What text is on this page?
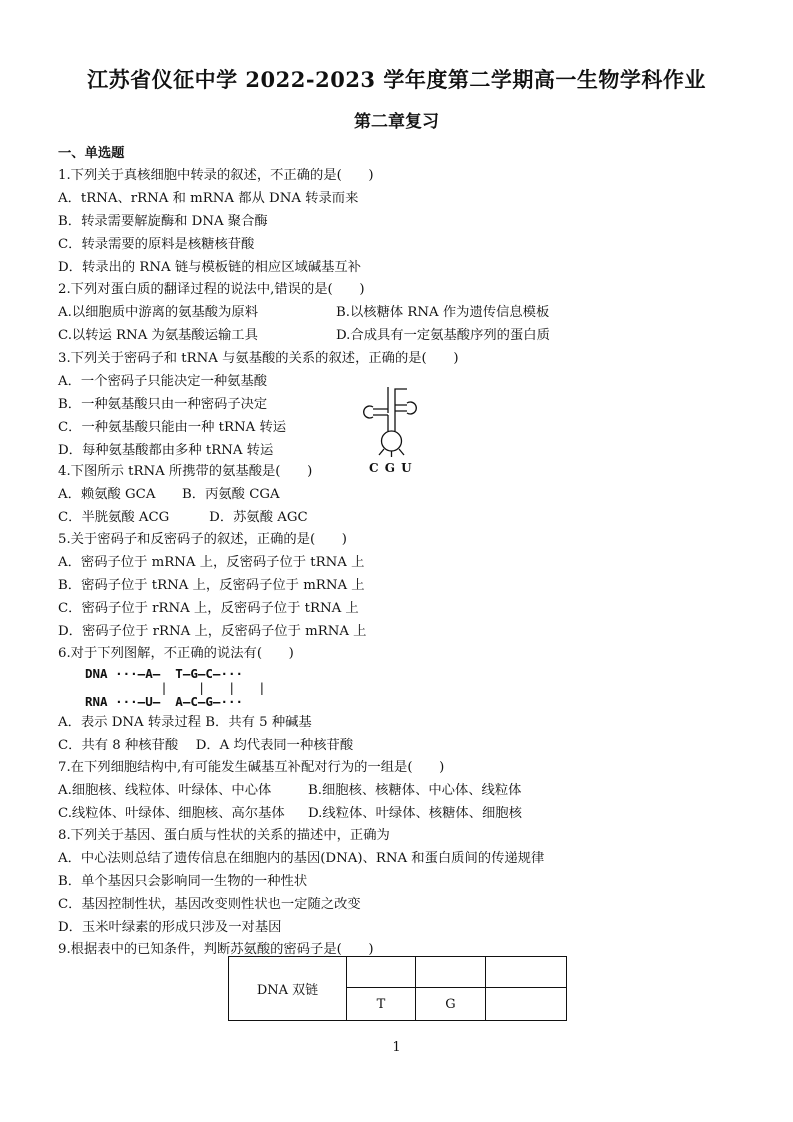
江苏省仪征中学 2022-2023 学年度第二学期高一生物学科作业
第二章复习
一、单选题
1.下列关于真核细胞中转录的叙述，不正确的是(　　)
A．tRNA、rRNA 和 mRNA 都从 DNA 转录而来
B．转录需要解旋酶和 DNA 聚合酶
C．转录需要的原料是核糖核苷酸
D．转录出的 RNA 链与模板链的相应区域碱基互补
2.下列对蛋白质的翻译过程的说法中,错误的是(　　)
A.以细胞质中游离的氨基酸为原料	B.以核糖体 RNA 作为遗传信息模板
C.以转运 RNA 为氨基酸运输工具	D.合成具有一定氨基酸序列的蛋白质
3.下列关于密码子和 tRNA 与氨基酸的关系的叙述，正确的是(　　)
A．一个密码子只能决定一种氨基酸
B．一种氨基酸只由一种密码子决定
C．一种氨基酸只能由一种 tRNA 转运
D．每种氨基酸都由多种 tRNA 转运
C G U
4.下图所示 tRNA 所携带的氨基酸是(　　)
A．赖氨酸 GCA　　B．丙氨酸 CGA
C．半胱氨酸 ACG　　　D．苏氨酸 AGC
5.关于密码子和反密码子的叙述，正确的是(　　)
A．密码子位于 mRNA 上，反密码子位于 tRNA 上
B．密码子位于 tRNA 上，反密码子位于 mRNA 上
C．密码子位于 rRNA 上，反密码子位于 tRNA 上
D．密码子位于 rRNA 上，反密码子位于 mRNA 上
6.对于下列图解，不正确的说法有(　　)
DNA ···—A—  T—G—C—···
|    |   |   |
RNA ···—U—  A—C—G—···
A．表示 DNA 转录过程 B．共有 5 种碱基
C．共有 8 种核苷酸　 D．A 均代表同一种核苷酸
7.在下列细胞结构中,有可能发生碱基互补配对行为的一组是(　　)
A.细胞核、线粒体、叶绿体、中心体	B.细胞核、核糖体、中心体、线粒体
C.线粒体、叶绿体、细胞核、高尔基体 D.线粒体、叶绿体、核糖体、细胞核
8.下列关于基因、蛋白质与性状的关系的描述中，正确为
A．中心法则总结了遗传信息在细胞内的基因(DNA)、RNA 和蛋白质间的传递规律
B．单个基因只会影响同一生物的一种性状
C．基因控制性状，基因改变则性状也一定随之改变
D．玉米叶绿素的形成只涉及一对基因
9.根据表中的已知条件，判断苏氨酸的密码子是(　　)
DNA 双链			
	T	G	
1
